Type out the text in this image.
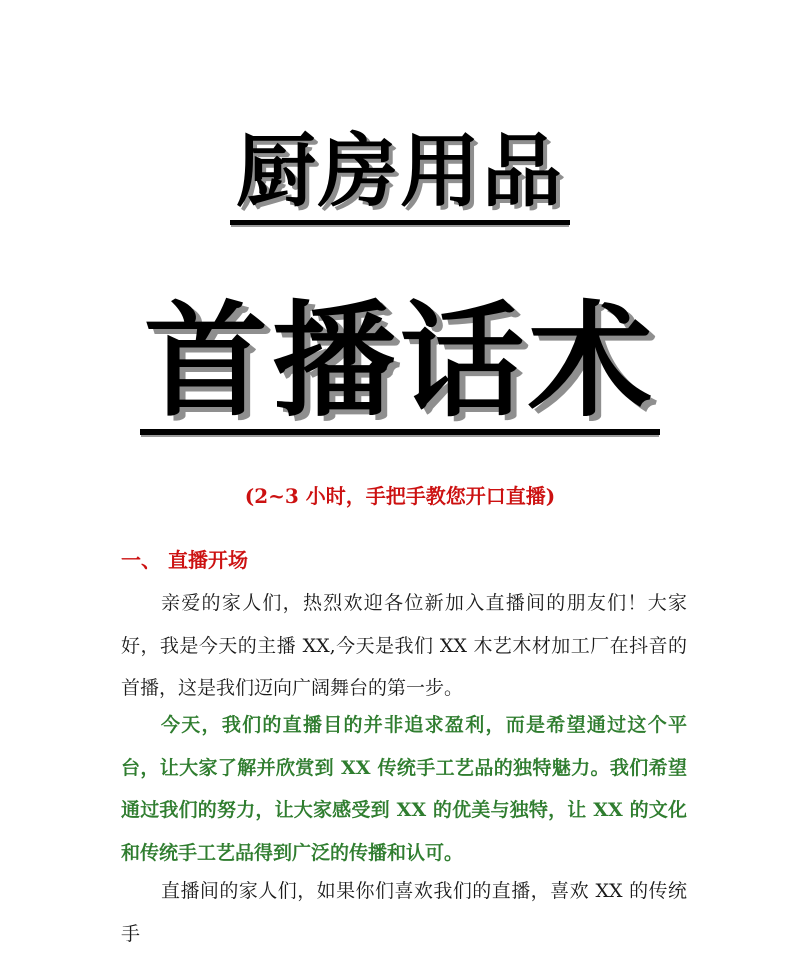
厨房用品
首播话术
(2~3 小时，手把手教您开口直播)
一、 直播开场

亲爱的家人们，热烈欢迎各位新加入直播间的朋友们！大家好，我是今天的主播 XX,今天是我们 XX 木艺木材加工厂在抖音的首播，这是我们迈向广阔舞台的第一步。

今天，我们的直播目的并非追求盈利，而是希望通过这个平台，让大家了解并欣赏到 XX 传统手工艺品的独特魅力。我们希望通过我们的努力，让大家感受到 XX 的优美与独特，让 XX 的文化和传统手工艺品得到广泛的传播和认可。

直播间的家人们，如果你们喜欢我们的直播，喜欢 XX 的传统手
